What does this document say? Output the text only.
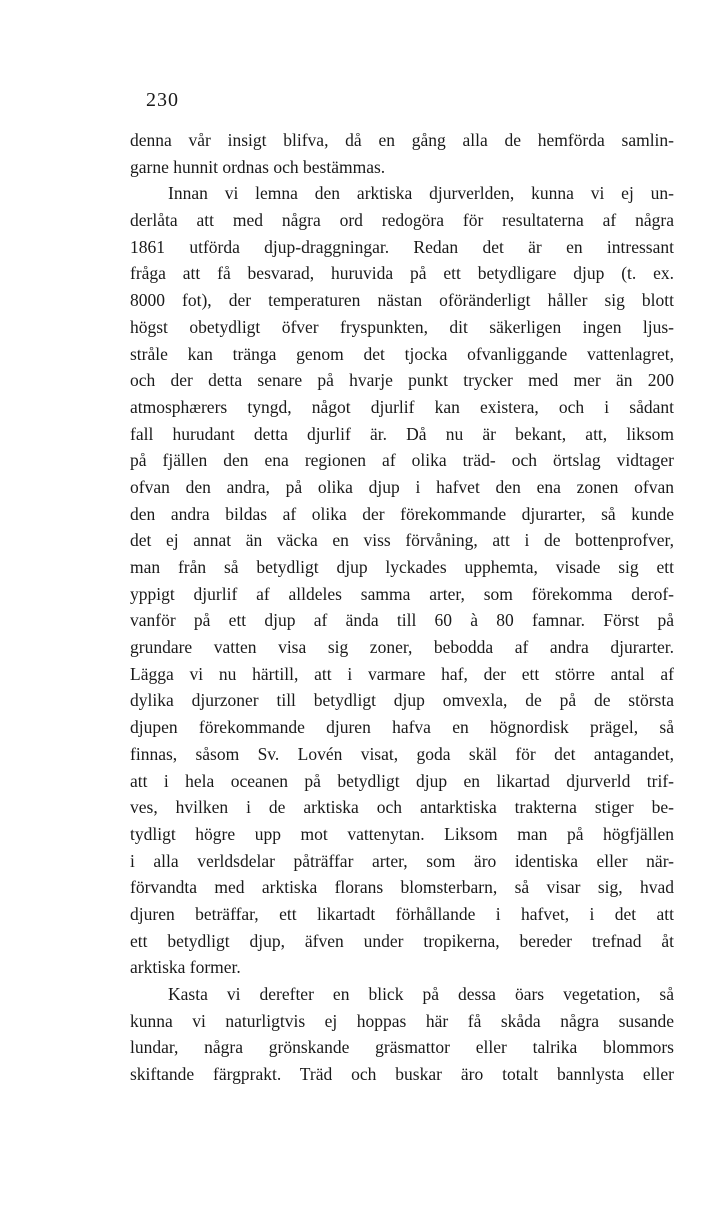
230
denna vår insigt blifva, då en gång alla de hemförda samlin-
garne hunnit ordnas och bestämmas.
Innan vi lemna den arktiska djurverlden, kunna vi ej un-
derlåta att med några ord redogöra för resultaterna af några
1861 utförda djup-draggningar. Redan det är en intressant
fråga att få besvarad, huruvida på ett betydligare djup (t. ex.
8000 fot), der temperaturen nästan oföränderligt håller sig blott
högst obetydligt öfver fryspunkten, dit säkerligen ingen ljus-
stråle kan tränga genom det tjocka ofvanliggande vattenlagret,
och der detta senare på hvarje punkt trycker med mer än 200
atmosphærers tyngd, något djurlif kan existera, och i sådant
fall hurudant detta djurlif är. Då nu är bekant, att, liksom
på fjällen den ena regionen af olika träd- och örtslag vidtager
ofvan den andra, på olika djup i hafvet den ena zonen ofvan
den andra bildas af olika der förekommande djurarter, så kunde
det ej annat än väcka en viss förvåning, att i de bottenprofver,
man från så betydligt djup lyckades upphemta, visade sig ett
yppigt djurlif af alldeles samma arter, som förekomma derof-
vanför på ett djup af ända till 60 à 80 famnar. Först på
grundare vatten visa sig zoner, bebodda af andra djurarter.
Lägga vi nu härtill, att i varmare haf, der ett större antal af
dylika djurzoner till betydligt djup omvexla, de på de största
djupen förekommande djuren hafva en högnordisk prägel, så
finnas, såsom Sv. Lovén visat, goda skäl för det antagandet,
att i hela oceanen på betydligt djup en likartad djurverld trif-
ves, hvilken i de arktiska och antarktiska trakterna stiger be-
tydligt högre upp mot vattenytan. Liksom man på högfjällen
i alla verldsdelar påträffar arter, som äro identiska eller när-
förvandta med arktiska florans blomsterbarn, så visar sig, hvad
djuren beträffar, ett likartadt förhållande i hafvet, i det att
ett betydligt djup, äfven under tropikerna, bereder trefnad åt
arktiska former.
Kasta vi derefter en blick på dessa öars vegetation, så
kunna vi naturligtvis ej hoppas här få skåda några susande
lundar, några grönskande gräsmattor eller talrika blommors
skiftande färgprakt. Träd och buskar äro totalt bannlysta eller
